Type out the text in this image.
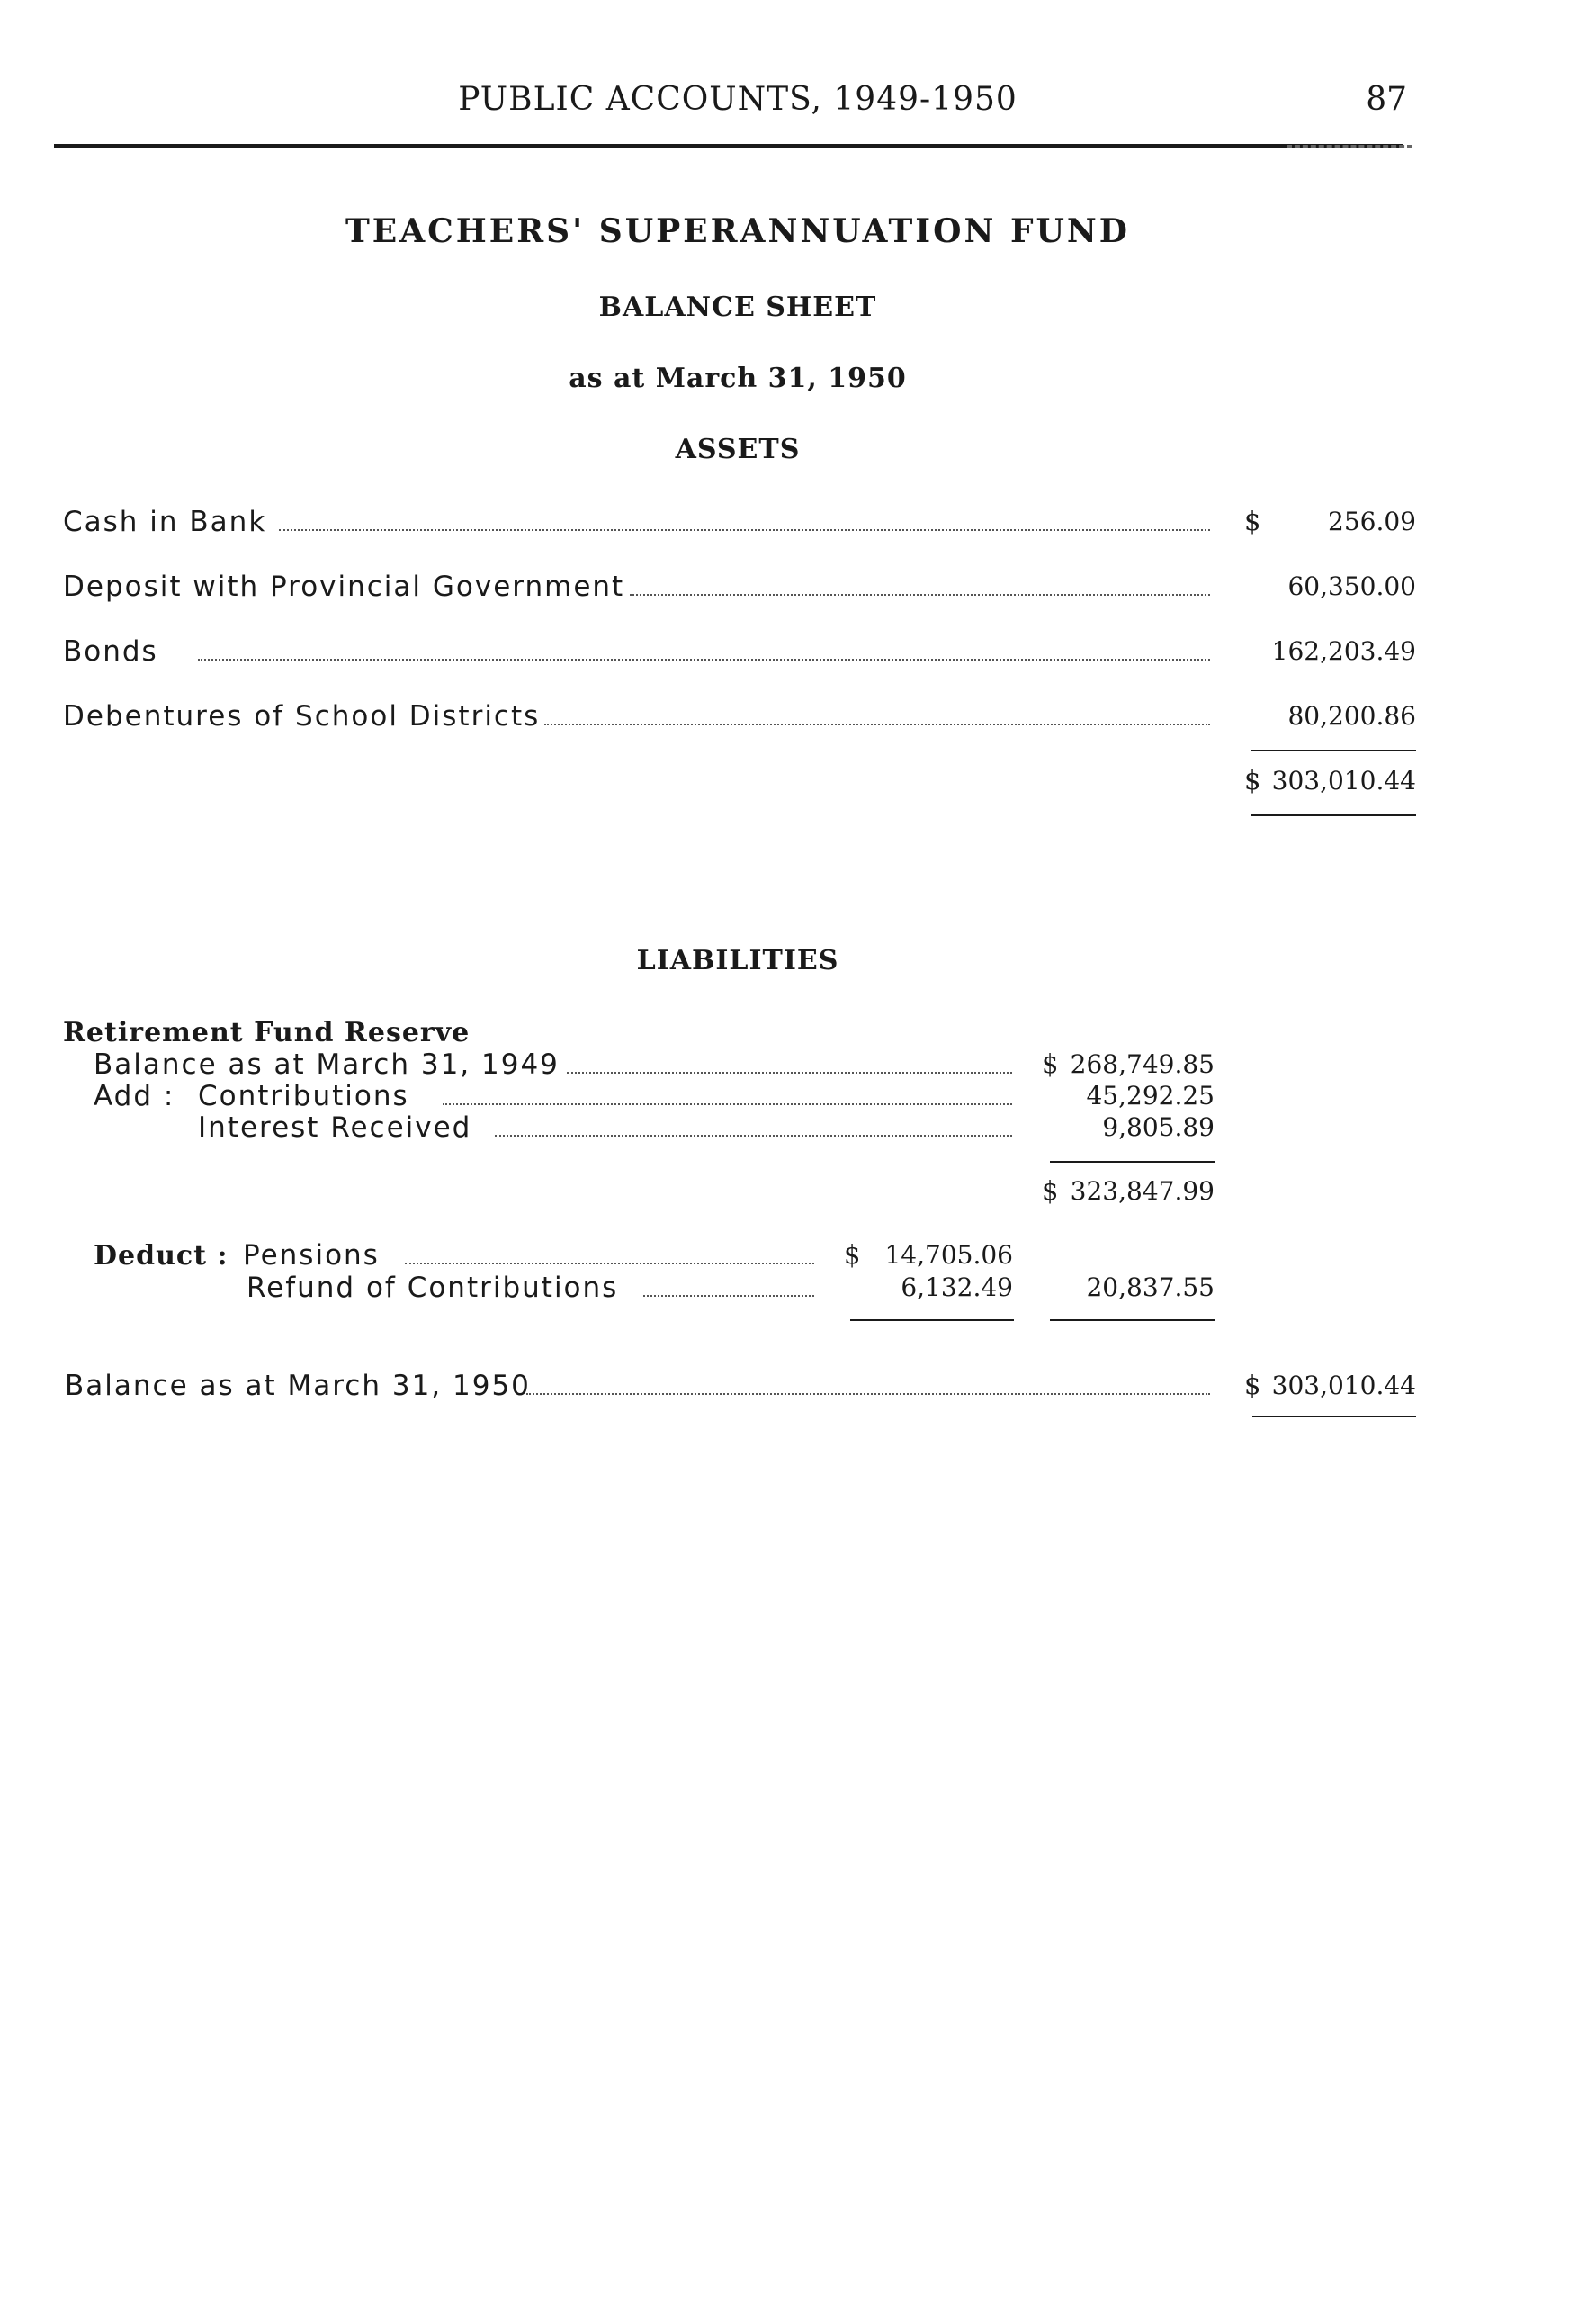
PUBLIC ACCOUNTS, 1949-1950	87
TEACHERS' SUPERANNUATION FUND
BALANCE SHEET
as at March 31, 1950
ASSETS
Cash in Bank	$	256.09
Deposit with Provincial Government	60,350.00
Bonds	162,203.49
Debentures of School Districts	80,200.86
$ 303,010.44
LIABILITIES
Retirement Fund Reserve
Balance as at March 31, 1949	$ 268,749.85
Add : Contributions	45,292.25
Interest Received	9,805.89
$ 323,847.99
Deduct : Pensions	$ 14,705.06
Refund of Contributions	6,132.49	20,837.55
Balance as at March 31, 1950	$ 303,010.44
